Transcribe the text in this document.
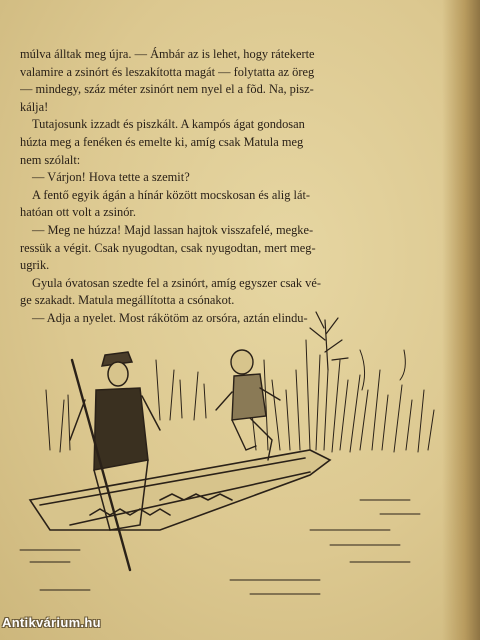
múlva álltak meg újra. — Ámbár az is lehet, hogy rátekerte
valamire a zsinórt és leszakította magát — folytatta az öreg
— mindegy, száz méter zsinórt nem nyel el a fõd. Na, pisz-
kálja!
Tutajosunk izzadt és piszkált. A kampós ágat gondosan
húzta meg a fenéken és emelte ki, amíg csak Matula meg
nem szólalt:
— Várjon! Hova tette a szemit?
A fentő egyik ágán a hínár között mocskosan és alig lát-
hatóan ott volt a zsinór.
— Meg ne húzza! Majd lassan hajtok visszafelé, megke-
ressük a végit. Csak nyugodtan, csak nyugodtan, mert meg-
ugrik.
Gyula óvatosan szedte fel a zsinórt, amíg egyszer csak vé-
ge szakadt. Matula megállította a csónakot.
— Adja a nyelet. Most rákötöm az orsóra, aztán elindu-
Antikvárium.hu
